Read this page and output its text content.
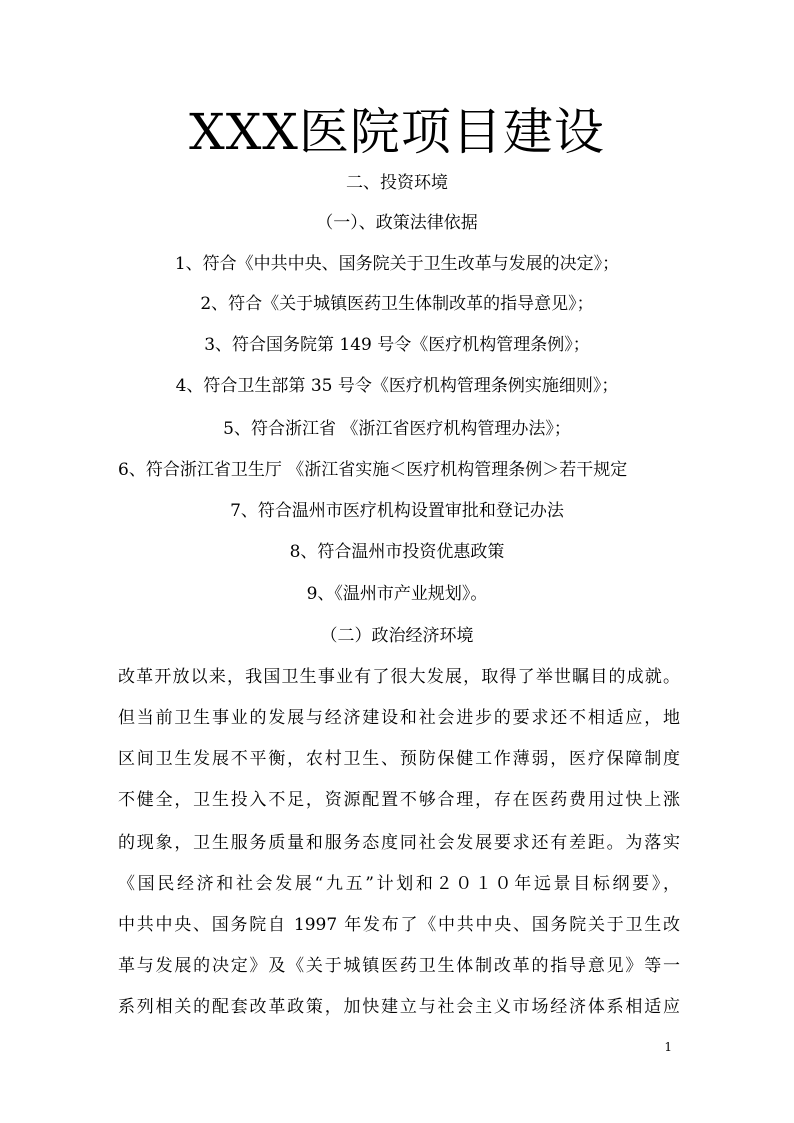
XXX医院项目建设
二、投资环境
（一）、政策法律依据
1、符合《中共中央、国务院关于卫生改革与发展的决定》；
2、符合《关于城镇医药卫生体制改革的指导意见》；
3、符合国务院第 149 号令《医疗机构管理条例》；
4、符合卫生部第 35 号令《医疗机构管理条例实施细则》；
5、符合浙江省 《浙江省医疗机构管理办法》；
6、符合浙江省卫生厅 《浙江省实施＜医疗机构管理条例＞若干规定
7、符合温州市医疗机构设置审批和登记办法
8、符合温州市投资优惠政策
9、《温州市产业规划》。
（二）政治经济环境
改革开放以来，我国卫生事业有了很大发展，取得了举世瞩目的成就。
但当前卫生事业的发展与经济建设和社会进步的要求还不相适应，地
区间卫生发展不平衡，农村卫生、预防保健工作薄弱，医疗保障制度
不健全，卫生投入不足，资源配置不够合理，存在医药费用过快上涨
的现象，卫生服务质量和服务态度同社会发展要求还有差距。为落实
《国民经济和社会发展“九五”计划和２０１０年远景目标纲要》，
中共中央、国务院自 1997 年发布了《中共中央、国务院关于卫生改
革与发展的决定》及《关于城镇医药卫生体制改革的指导意见》等一
系列相关的配套改革政策，加快建立与社会主义市场经济体系相适应
1
